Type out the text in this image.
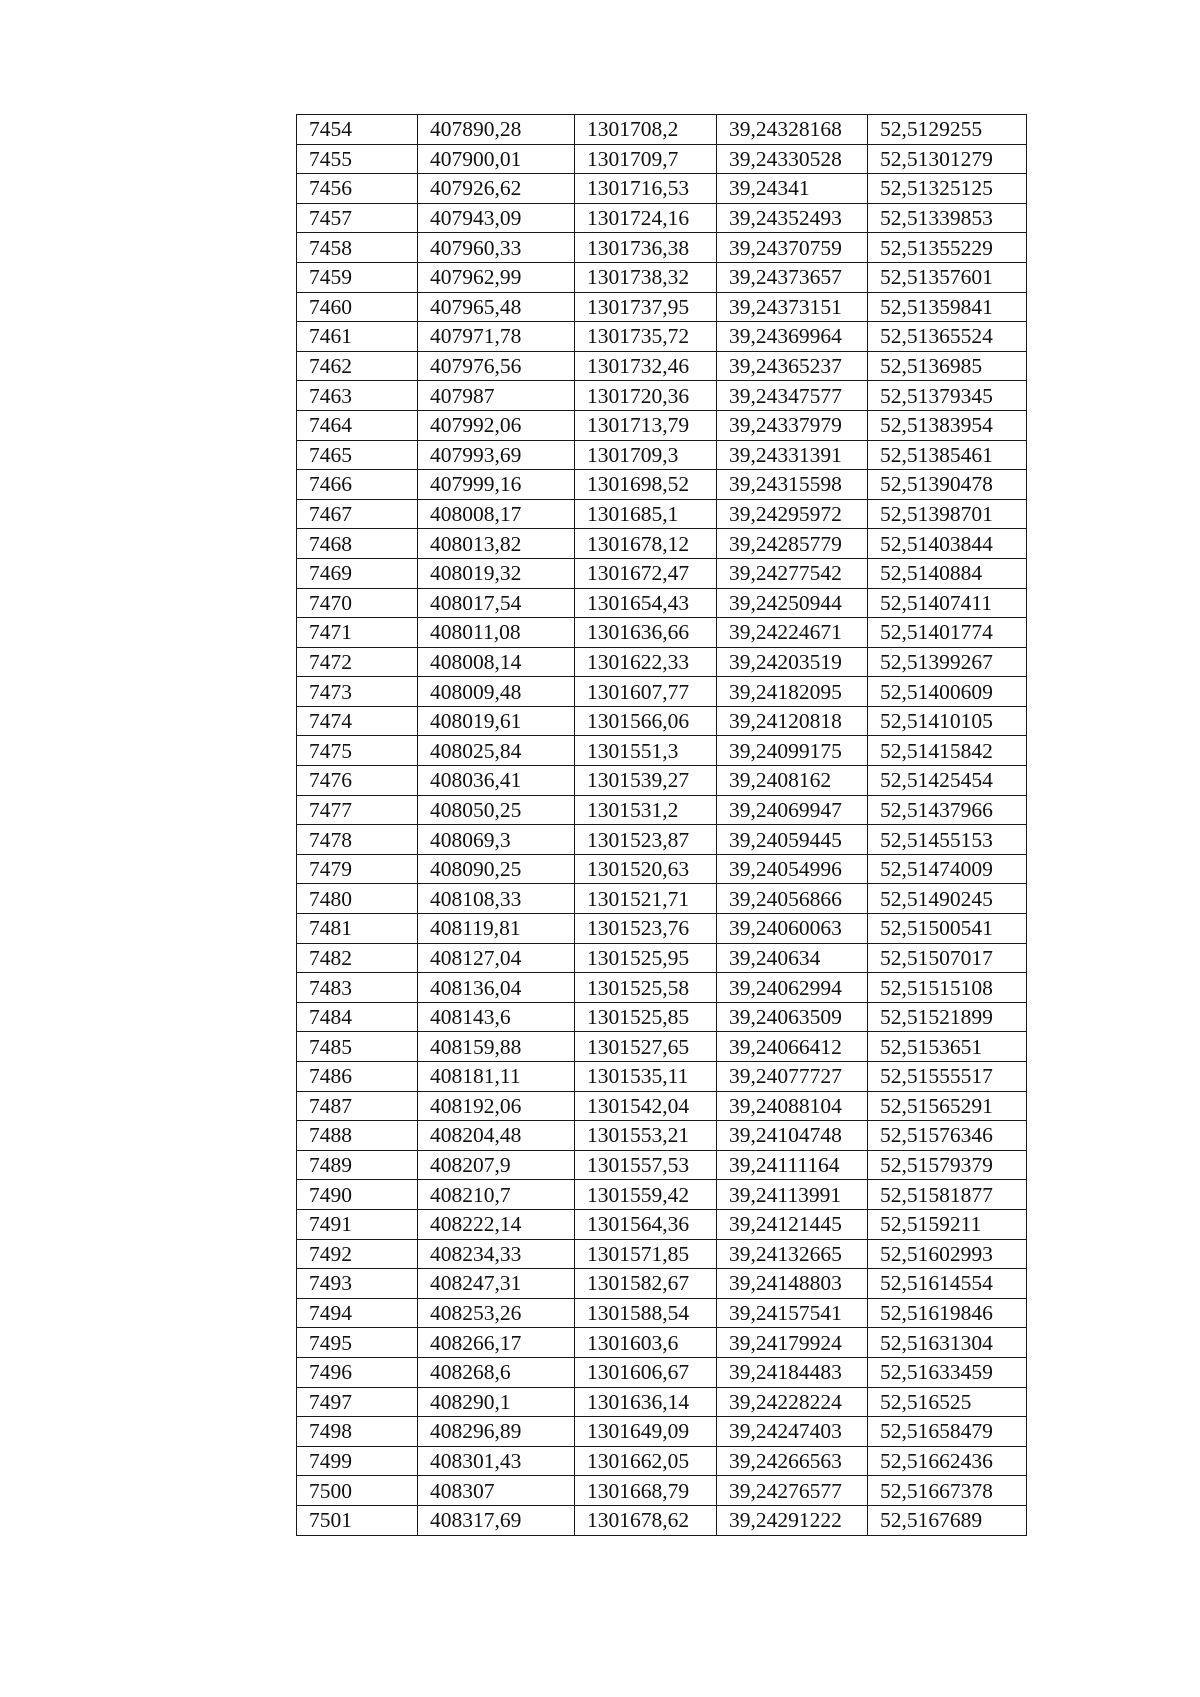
7454	407890,28	1301708,2	39,24328168	52,5129255
7455	407900,01	1301709,7	39,24330528	52,51301279
7456	407926,62	1301716,53	39,24341	52,51325125
7457	407943,09	1301724,16	39,24352493	52,51339853
7458	407960,33	1301736,38	39,24370759	52,51355229
7459	407962,99	1301738,32	39,24373657	52,51357601
7460	407965,48	1301737,95	39,24373151	52,51359841
7461	407971,78	1301735,72	39,24369964	52,51365524
7462	407976,56	1301732,46	39,24365237	52,5136985
7463	407987	1301720,36	39,24347577	52,51379345
7464	407992,06	1301713,79	39,24337979	52,51383954
7465	407993,69	1301709,3	39,24331391	52,51385461
7466	407999,16	1301698,52	39,24315598	52,51390478
7467	408008,17	1301685,1	39,24295972	52,51398701
7468	408013,82	1301678,12	39,24285779	52,51403844
7469	408019,32	1301672,47	39,24277542	52,5140884
7470	408017,54	1301654,43	39,24250944	52,51407411
7471	408011,08	1301636,66	39,24224671	52,51401774
7472	408008,14	1301622,33	39,24203519	52,51399267
7473	408009,48	1301607,77	39,24182095	52,51400609
7474	408019,61	1301566,06	39,24120818	52,51410105
7475	408025,84	1301551,3	39,24099175	52,51415842
7476	408036,41	1301539,27	39,2408162	52,51425454
7477	408050,25	1301531,2	39,24069947	52,51437966
7478	408069,3	1301523,87	39,24059445	52,51455153
7479	408090,25	1301520,63	39,24054996	52,51474009
7480	408108,33	1301521,71	39,24056866	52,51490245
7481	408119,81	1301523,76	39,24060063	52,51500541
7482	408127,04	1301525,95	39,240634	52,51507017
7483	408136,04	1301525,58	39,24062994	52,51515108
7484	408143,6	1301525,85	39,24063509	52,51521899
7485	408159,88	1301527,65	39,24066412	52,5153651
7486	408181,11	1301535,11	39,24077727	52,51555517
7487	408192,06	1301542,04	39,24088104	52,51565291
7488	408204,48	1301553,21	39,24104748	52,51576346
7489	408207,9	1301557,53	39,24111164	52,51579379
7490	408210,7	1301559,42	39,24113991	52,51581877
7491	408222,14	1301564,36	39,24121445	52,5159211
7492	408234,33	1301571,85	39,24132665	52,51602993
7493	408247,31	1301582,67	39,24148803	52,51614554
7494	408253,26	1301588,54	39,24157541	52,51619846
7495	408266,17	1301603,6	39,24179924	52,51631304
7496	408268,6	1301606,67	39,24184483	52,51633459
7497	408290,1	1301636,14	39,24228224	52,516525
7498	408296,89	1301649,09	39,24247403	52,51658479
7499	408301,43	1301662,05	39,24266563	52,51662436
7500	408307	1301668,79	39,24276577	52,51667378
7501	408317,69	1301678,62	39,24291222	52,5167689
